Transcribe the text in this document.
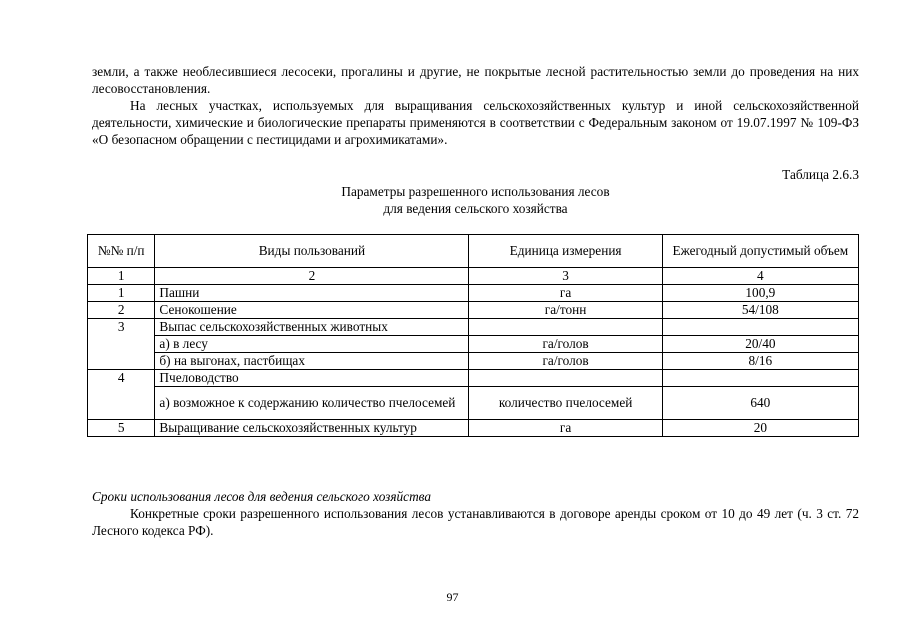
земли, а также необлесившиеся лесосеки, прогалины и другие, не покрытые лесной растительностью земли до проведения на них лесовосстановления.

На лесных участках, используемых для выращивания сельскохозяйственных культур и иной сельскохозяйственной деятельности, химические и биологические препараты применяются в соответствии с Федеральным законом от 19.07.1997 № 109-ФЗ «О безопасном обращении с пестицидами и агрохимикатами».

Таблица 2.6.3

Параметры разрешенного использования лесов
для ведения сельского хозяйства
№№ п/п	Виды пользований	Единица измерения	Ежегодный допустимый объем
1	2	3	4
1	Пашни	га	100,9
2	Сенокошение	га/тонн	54/108
3	Выпас сельскохозяйственных животных		
	а) в лесу	га/голов	20/40
	б) на выгонах, пастбищах	га/голов	8/16
4	Пчеловодство		
	а) возможное к содержанию количество пчелосемей	количество пчелосемей	640
5	Выращивание сельскохозяйственных культур	га	20

Сроки использования лесов для ведения сельского хозяйства

Конкретные сроки разрешенного использования лесов устанавливаются в договоре аренды сроком от 10 до 49 лет (ч. 3 ст. 72 Лесного кодекса РФ).

97
